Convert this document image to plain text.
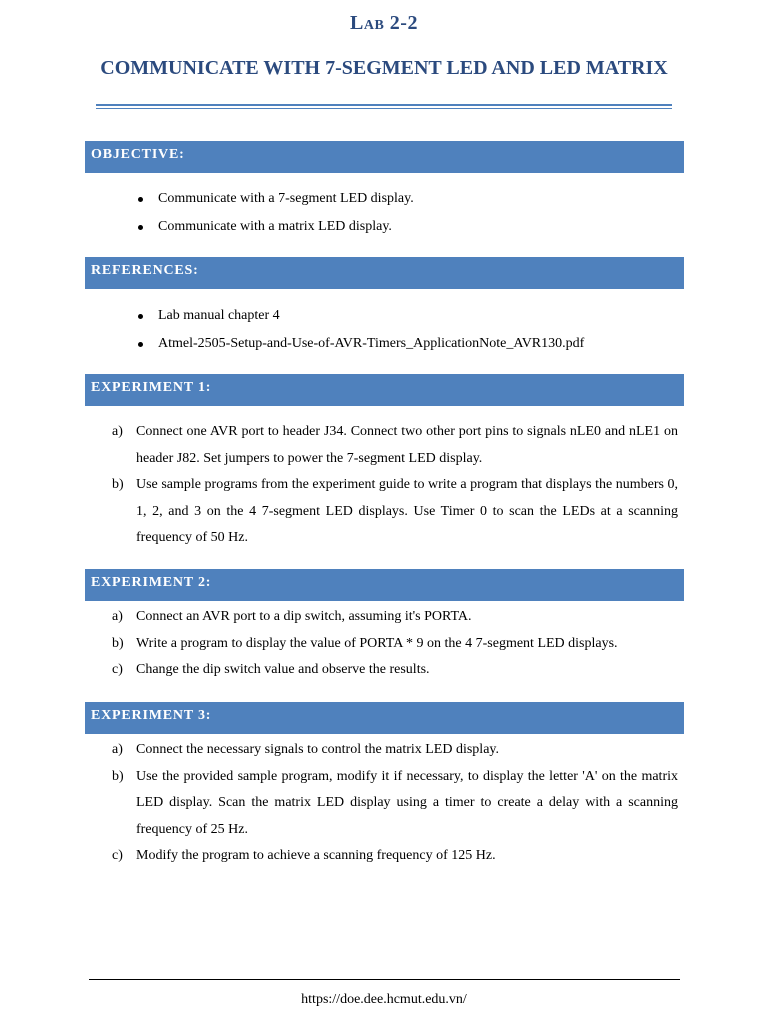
Lab 2-2
COMMUNICATE WITH 7-SEGMENT LED AND LED MATRIX
OBJECTIVE:
Communicate with a 7-segment LED display.
Communicate with a matrix LED display.
REFERENCES:
Lab manual chapter 4
Atmel-2505-Setup-and-Use-of-AVR-Timers_ApplicationNote_AVR130.pdf
EXPERIMENT 1:
a) Connect one AVR port to header J34. Connect two other port pins to signals nLE0 and nLE1 on header J82. Set jumpers to power the 7-segment LED display.
b) Use sample programs from the experiment guide to write a program that displays the numbers 0, 1, 2, and 3 on the 4 7-segment LED displays. Use Timer 0 to scan the LEDs at a scanning frequency of 50 Hz.
EXPERIMENT 2:
a) Connect an AVR port to a dip switch, assuming it's PORTA.
b) Write a program to display the value of PORTA * 9 on the 4 7-segment LED displays.
c) Change the dip switch value and observe the results.
EXPERIMENT 3:
a) Connect the necessary signals to control the matrix LED display.
b) Use the provided sample program, modify it if necessary, to display the letter 'A' on the matrix LED display. Scan the matrix LED display using a timer to create a delay with a scanning frequency of 25 Hz.
c) Modify the program to achieve a scanning frequency of 125 Hz.
https://doe.dee.hcmut.edu.vn/
